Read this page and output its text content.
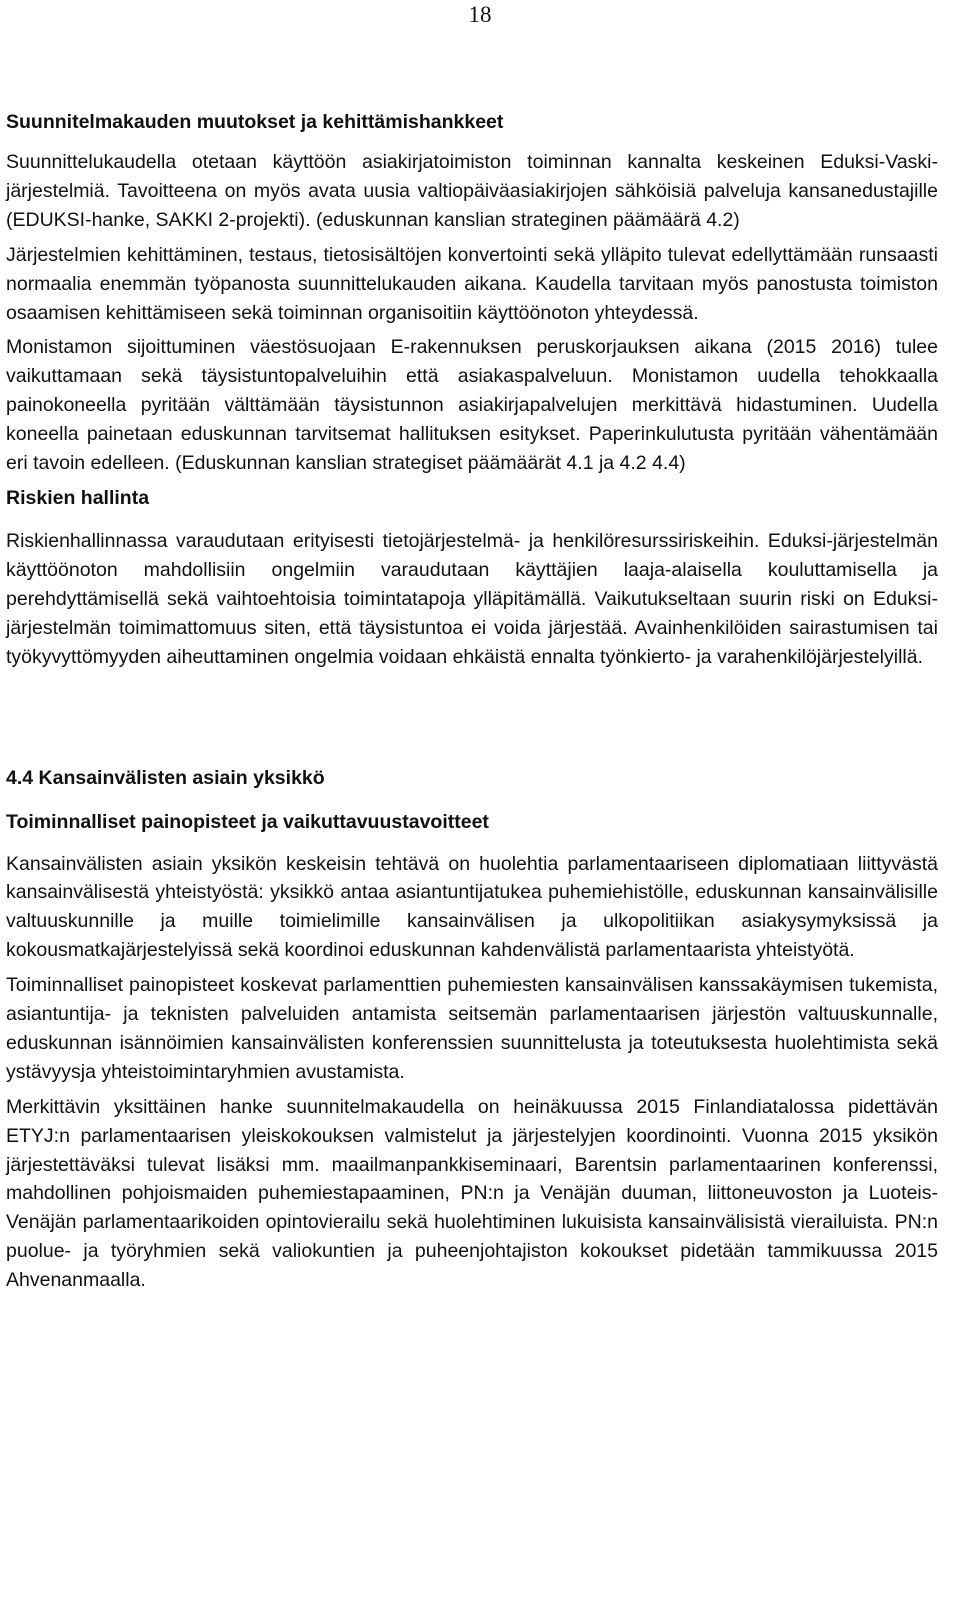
18
Suunnitelmakauden muutokset ja kehittämishankkeet

Suunnittelukaudella otetaan käyttöön asiakirjatoimiston toiminnan kannalta keskeinen Eduksi-Vaski-järjestelmiä. Tavoitteena on myös avata uusia valtiopäiväasiakirjojen sähköisiä palveluja kansanedustajille (EDUKSI-hanke, SAKKI 2-projekti). (eduskunnan kanslian strateginen päämäärä 4.2)

Järjestelmien kehittäminen, testaus, tietosisältöjen konvertointi sekä ylläpito tulevat edellyttämään runsaasti normaalia enemmän työpanosta suunnittelukauden aikana. Kaudella tarvitaan myös panostusta toimiston osaamisen kehittämiseen sekä toiminnan organisoitiin käyttöönoton yhteydessä.

Monistamon sijoittuminen väestösuojaan E-rakennuksen peruskorjauksen aikana (2015 2016) tulee vaikuttamaan sekä täysistuntopalveluihin että asiakaspalveluun. Monistamon uudella tehokkaalla painokoneella pyritään välttämään täysistunnon asiakirjapalvelujen merkittävä hidastuminen. Uudella koneella painetaan eduskunnan tarvitsemat hallituksen esitykset. Paperinkulutusta pyritään vähentämään eri tavoin edelleen. (Eduskunnan kanslian strategiset päämäärät 4.1 ja 4.2 4.4)

Riskien hallinta

Riskienhallinnassa varaudutaan erityisesti tietojärjestelmä- ja henkilöresurssiriskeihin. Eduksi-järjestelmän käyttöönoton mahdollisiin ongelmiin varaudutaan käyttäjien laaja-alaisella kouluttamisella ja perehdyttämisellä sekä vaihtoehtoisia toimintatapoja ylläpitämällä. Vaikutukseltaan suurin riski on Eduksi-järjestelmän toimimattomuus siten, että täysistuntoa ei voida järjestää. Avainhenkilöiden sairastumisen tai työkyvyttömyyden aiheuttaminen ongelmia voidaan ehkäistä ennalta työnkierto- ja varahenkilöjärjestelyillä.

4.4 Kansainvälisten asiain yksikkö
Toiminnalliset painopisteet ja vaikuttavuustavoitteet

Kansainvälisten asiain yksikön keskeisin tehtävä on huolehtia parlamentaariseen diplomatiaan liittyvästä kansainvälisestä yhteistyöstä: yksikkö antaa asiantuntijatukea puhemiehistölle, eduskunnan kansainvälisille valtuuskunnille ja muille toimielimille kansainvälisen ja ulkopolitiikan asiakysymyksissä ja kokousmatkajärjestelyissä sekä koordinoi eduskunnan kahdenvälistä parlamentaarista yhteistyötä.

Toiminnalliset painopisteet koskevat parlamenttien puhemiesten kansainvälisen kanssakäymisen tukemista, asiantuntija- ja teknisten palveluiden antamista seitsemän parlamentaarisen järjestön valtuuskunnalle, eduskunnan isännöimien kansainvälisten konferenssien suunnittelusta ja toteutuksesta huolehtimista sekä ystävyysja yhteistoimintaryhmien avustamista.

Merkittävin yksittäinen hanke suunnitelmakaudella on heinäkuussa 2015 Finlandiatalossa pidettävän ETYJ:n parlamentaarisen yleiskokouksen valmistelut ja järjestelyjen koordinointi. Vuonna 2015 yksikön järjestettäväksi tulevat lisäksi mm. maailmanpankkiseminaari, Barentsin parlamentaarinen konferenssi, mahdollinen pohjoismaiden puhemiestapaaminen, PN:n ja Venäjän duuman, liittoneuvoston ja Luoteis-Venäjän parlamentaarikoiden opintovierailu sekä huolehtiminen lukuisista kansainvälisistä vierailuista. PN:n puolue- ja työryhmien sekä valiokuntien ja puheenjohtajiston kokoukset pidetään tammikuussa 2015 Ahvenanmaalla.
